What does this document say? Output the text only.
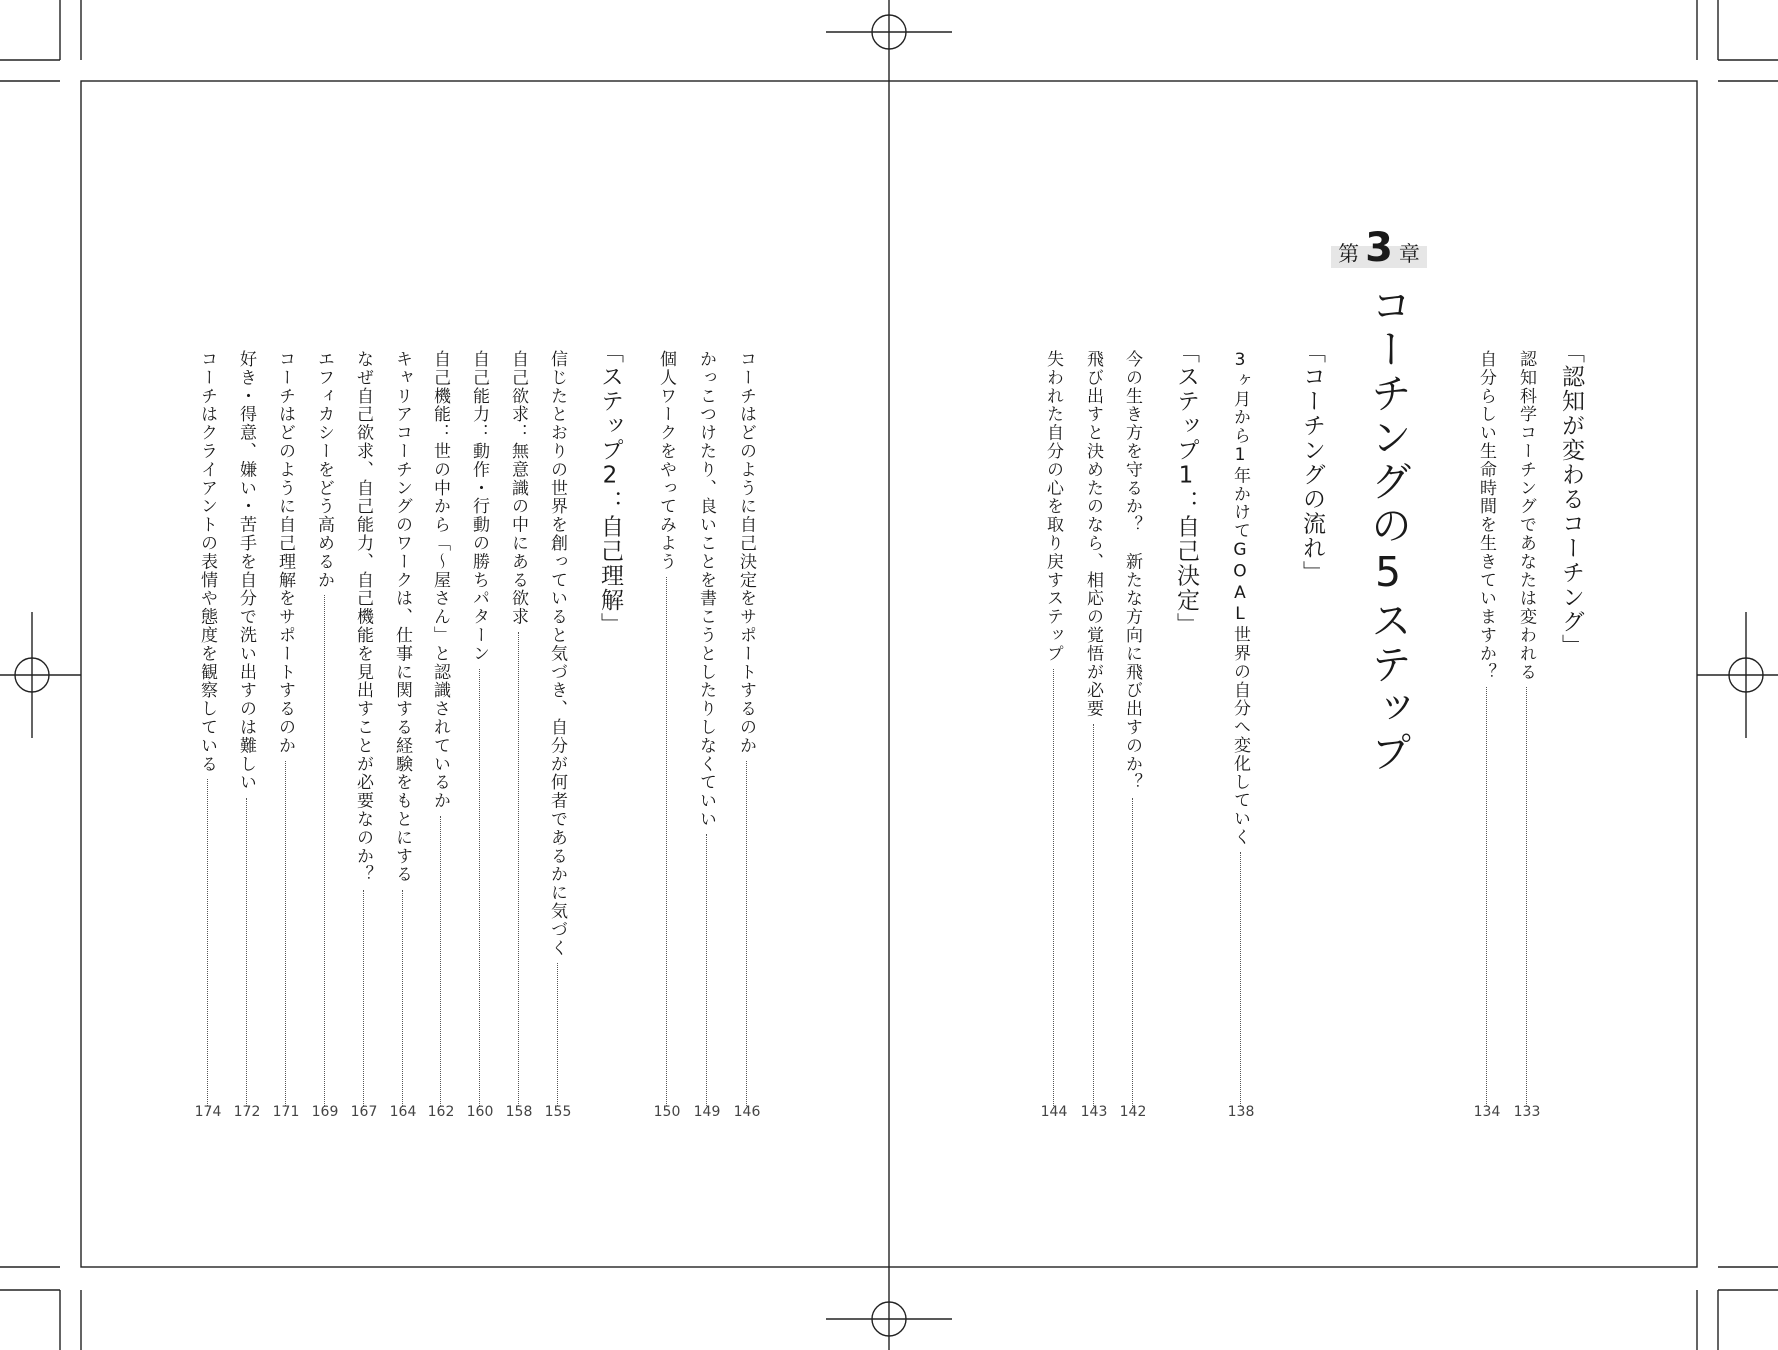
第 3 章
コーチングの5ステップ	「認知が変わるコーチング」
認知科学コーチングであなたは変われる
133
自分らしい生命時間を生きていますか？
134
「コーチングの流れ」
3ヶ月から1年かけてGOAL世界の自分へ変化していく
138
「ステップ1：自己決定」
今の生き方を守るか？　新たな方向に飛び出すのか？
142
飛び出すと決めたのなら、相応の覚悟が必要
143
失われた自分の心を取り戻すステップ
144
コーチはどのように自己決定をサポートするのか
146
かっこつけたり、良いことを書こうとしたりしなくていい
149
個人ワークをやってみよう
150
「ステップ2：自己理解」
信じたとおりの世界を創っていると気づき、自分が何者であるかに気づく
155
自己欲求：無意識の中にある欲求
158
自己能力：動作・行動の勝ちパターン
160
自己機能：世の中から「～屋さん」と認識されているか
162
キャリアコーチングのワークは、仕事に関する経験をもとにする
164
なぜ自己欲求、自己能力、自己機能を見出すことが必要なのか？
167
エフィカシーをどう高めるか
169
コーチはどのように自己理解をサポートするのか
171
好き・得意、嫌い・苦手を自分で洗い出すのは難しい
172
コーチはクライアントの表情や態度を観察している
174
